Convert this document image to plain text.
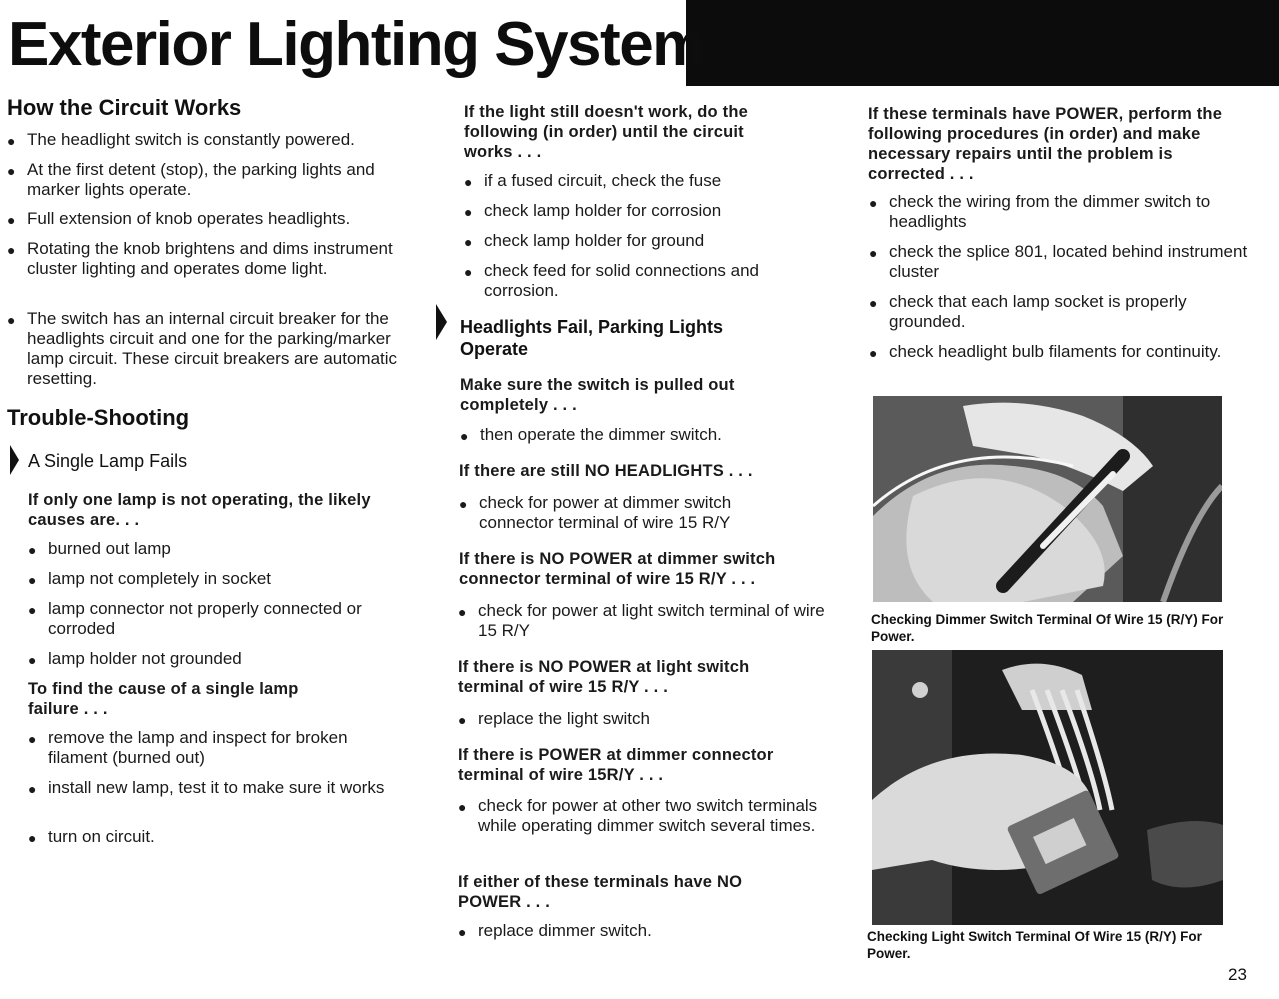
Exterior Lighting System
How the Circuit Works
● The headlight switch is constantly powered.
● At the first detent (stop), the parking lights and marker lights operate.
● Full extension of knob operates headlights.
● Rotating the knob brightens and dims instrument cluster lighting and operates dome light.
● The switch has an internal circuit breaker for the headlights circuit and one for the parking/marker lamp circuit. These circuit breakers are automatic resetting.
Trouble-Shooting
A Single Lamp Fails

If only one lamp is not operating, the likely causes are. . .

● burned out lamp
● lamp not completely in socket
● lamp connector not properly connected or corroded
● lamp holder not grounded

To find the cause of a single lamp failure . . .

● remove the lamp and inspect for broken filament (burned out)
● install new lamp, test it to make sure it works
● turn on circuit.

If the light still doesn't work, do the following (in order) until the circuit works . . .

● if a fused circuit, check the fuse
● check lamp holder for corrosion
● check lamp holder for ground
● check feed for solid connections and corrosion.
Headlights Fail, Parking Lights Operate

Make sure the switch is pulled out completely . . .

● then operate the dimmer switch.

If there are still NO HEADLIGHTS . . .

● check for power at dimmer switch connector terminal of wire 15 R/Y

If there is NO POWER at dimmer switch connector terminal of wire 15 R/Y . . .

● check for power at light switch terminal of wire 15 R/Y

If there is NO POWER at light switch terminal of wire 15 R/Y . . .

● replace the light switch

If there is POWER at dimmer connector terminal of wire 15R/Y . . .

● check for power at other two switch terminals while operating dimmer switch several times.

If either of these terminals have NO POWER . . .

● replace dimmer switch.

If these terminals have POWER, perform the following procedures (in order) and make necessary repairs until the problem is corrected . . .

● check the wiring from the dimmer switch to headlights
● check the splice 801, located behind instrument cluster
● check that each lamp socket is properly grounded.
● check headlight bulb filaments for continuity.

Checking Dimmer Switch Terminal Of Wire 15 (R/Y) For Power.

Checking Light Switch Terminal Of Wire 15 (R/Y) For Power.

23
